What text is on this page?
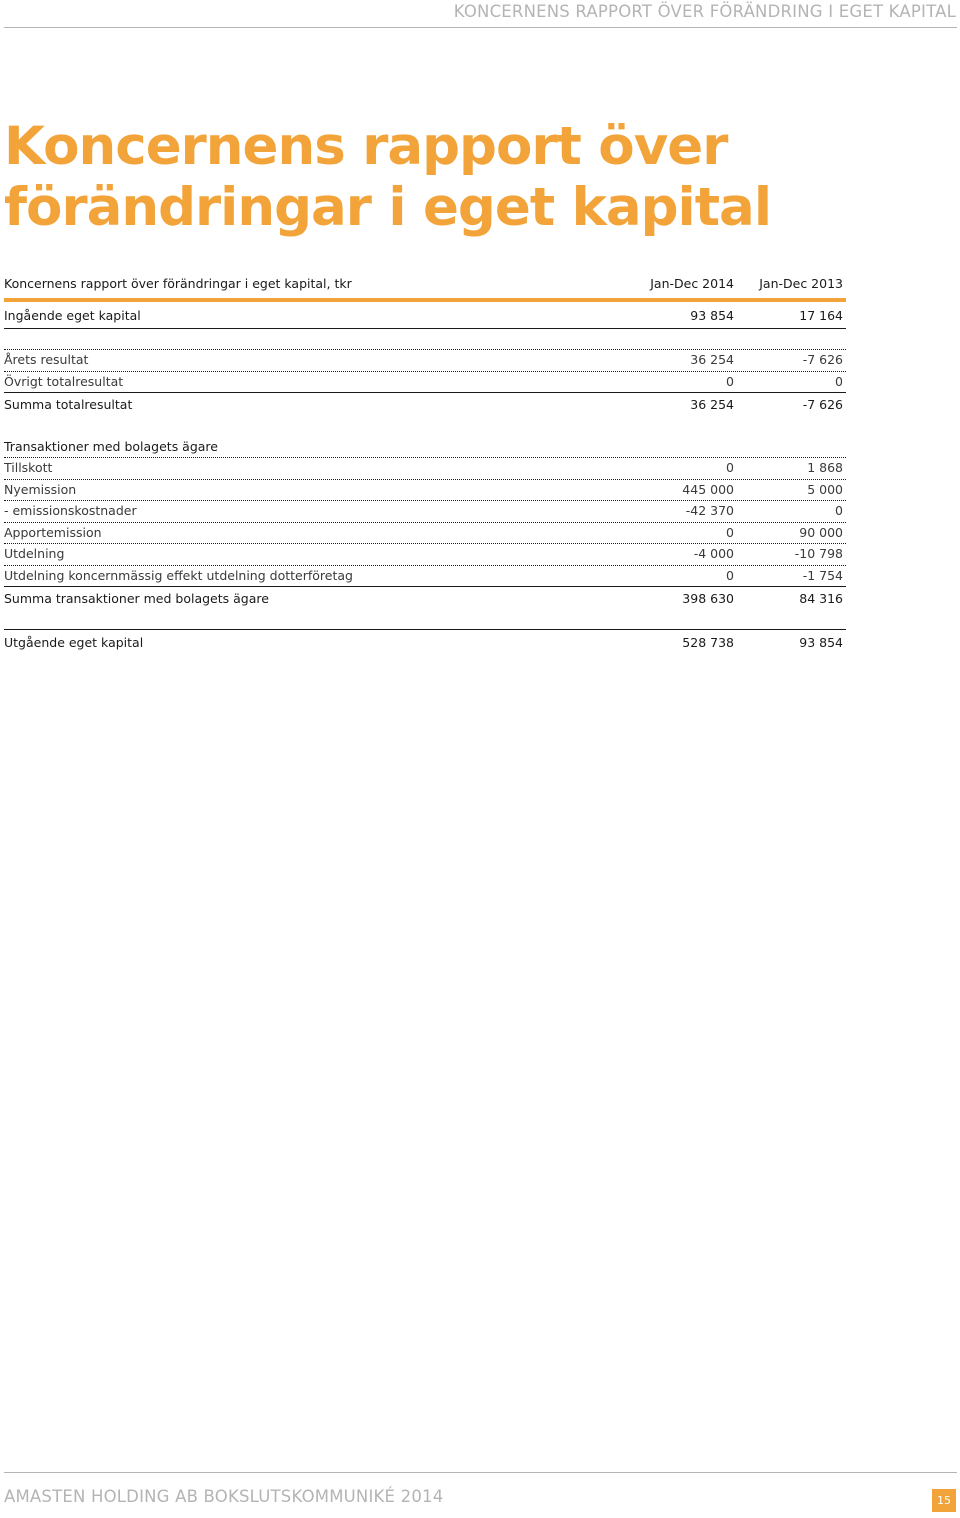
KONCERNENS RAPPORT ÖVER FÖRÄNDRING I EGET KAPITAL
Koncernens rapport över
förändringar i eget kapital
Koncernens rapport över förändringar i eget kapital, tkr	Jan-Dec 2014 Jan-Dec 2013
Ingående eget kapital	93 854	17 164
Årets resultat	36 254	-7 626
Övrigt totalresultat	0	0
Summa totalresultat	36 254	-7 626
Transaktioner med bolagets ägare
Tillskott	0	1 868
Nyemission	445 000	5 000
- emissionskostnader	-42 370	0
Apportemission	0	90 000
Utdelning	-4 000	-10 798
Utdelning koncernmässig effekt utdelning dotterföretag	0	-1 754
Summa transaktioner med bolagets ägare	398 630	84 316
Utgående eget kapital	528 738	93 854
AMASTEN HOLDING AB BOKSLUTSKOMMUNIKÉ 2014	15
